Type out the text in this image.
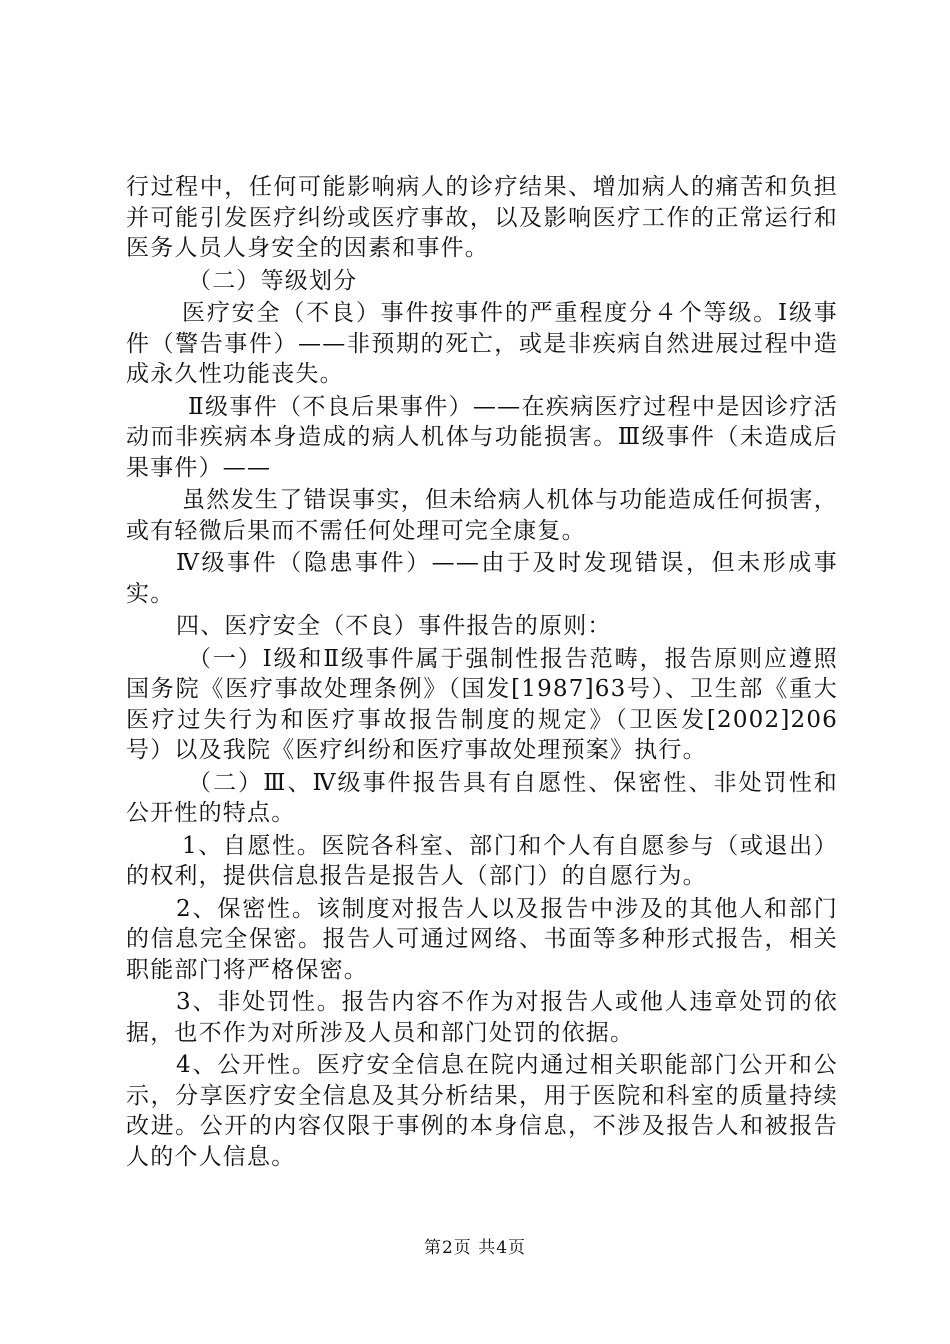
行过程中，任何可能影响病人的诊疗结果、增加病人的痛苦和负担并可能引发医疗纠纷或医疗事故，以及影响医疗工作的正常运行和医务人员人身安全的因素和事件。

（二）等级划分

医疗安全（不良）事件按事件的严重程度分４个等级。Ⅰ级事件（警告事件）——非预期的死亡，或是非疾病自然进展过程中造成永久性功能丧失。

Ⅱ级事件（不良后果事件）——在疾病医疗过程中是因诊疗活动而非疾病本身造成的病人机体与功能损害。Ⅲ级事件（未造成后果事件）——

虽然发生了错误事实，但未给病人机体与功能造成任何损害，或有轻微后果而不需任何处理可完全康复。

Ⅳ级事件（隐患事件）——由于及时发现错误，但未形成事实。

四、医疗安全（不良）事件报告的原则：

（一）Ⅰ级和Ⅱ级事件属于强制性报告范畴，报告原则应遵照国务院《医疗事故处理条例》（国发[1987]63号）、卫生部《重大医疗过失行为和医疗事故报告制度的规定》（卫医发[2002]206号）以及我院《医疗纠纷和医疗事故处理预案》执行。

（二）Ⅲ、Ⅳ级事件报告具有自愿性、保密性、非处罚性和公开性的特点。

1、自愿性。医院各科室、部门和个人有自愿参与（或退出）的权利，提供信息报告是报告人（部门）的自愿行为。

2、保密性。该制度对报告人以及报告中涉及的其他人和部门的信息完全保密。报告人可通过网络、书面等多种形式报告，相关职能部门将严格保密。

3、非处罚性。报告内容不作为对报告人或他人违章处罚的依据，也不作为对所涉及人员和部门处罚的依据。

4、公开性。医疗安全信息在院内通过相关职能部门公开和公示，分享医疗安全信息及其分析结果，用于医院和科室的质量持续改进。公开的内容仅限于事例的本身信息，不涉及报告人和被报告人的个人信息。

第2页 共4页
